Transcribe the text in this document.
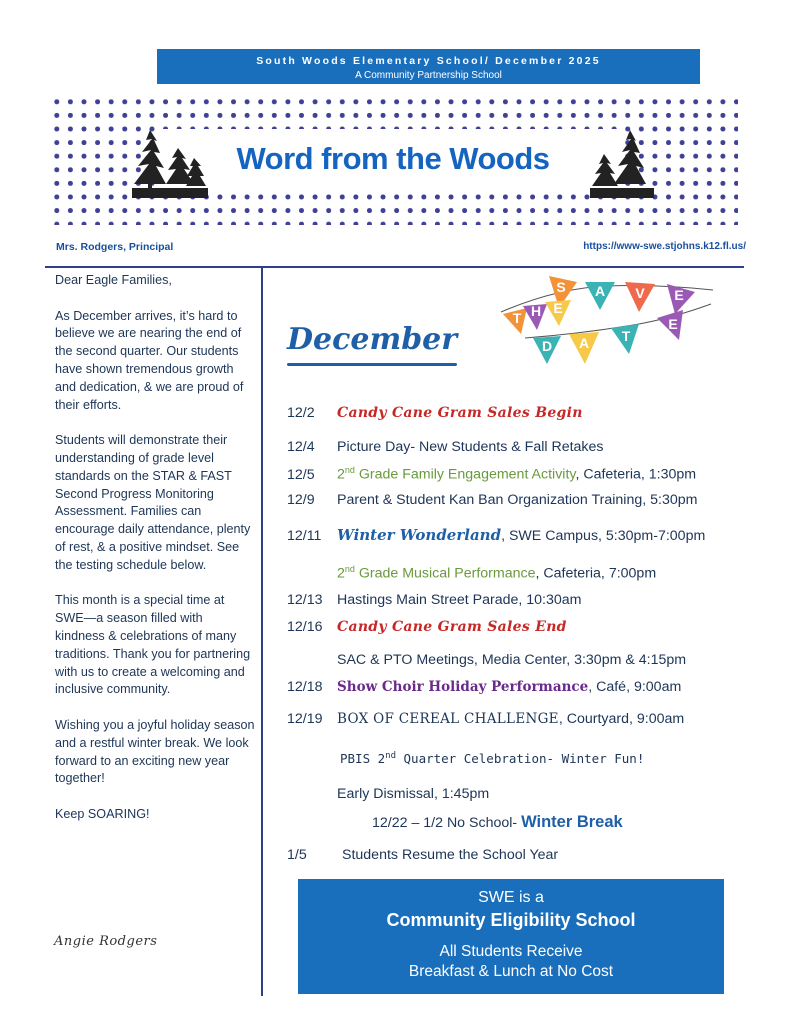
South Woods Elementary School/ December 2025
A Community Partnership School
Word from the Woods
Mrs. Rodgers, Principal	https://www-swe.stjohns.k12.fl.us/

Dear Eagle Families,

As December arrives, it’s hard to believe we are nearing the end of the second quarter. Our students have shown tremendous growth and dedication, & we are proud of their efforts.

Students will demonstrate their understanding of grade level standards on the STAR & FAST Second Progress Monitoring Assessment. Families can encourage daily attendance, plenty of rest, & a positive mindset. See the testing schedule below.

This month is a special time at SWE—a season filled with kindness & celebrations of many traditions. Thank you for partnering with us to create a welcoming and inclusive community.

Wishing you a joyful holiday season and a restful winter break. We look forward to an exciting new year together!

Keep SOARING!

Angie Rodgers
December
S A V E
T H E
D A T
E
12/2 Candy Cane Gram Sales Begin
12/4 Picture Day- New Students & Fall Retakes
12/5 2nd Grade Family Engagement Activity, Cafeteria, 1:30pm
12/9 Parent & Student Kan Ban Organization Training, 5:30pm
12/11 Winter Wonderland, SWE Campus, 5:30pm-7:00pm
2nd Grade Musical Performance, Cafeteria, 7:00pm
12/13 Hastings Main Street Parade, 10:30am
12/16 Candy Cane Gram Sales End
SAC & PTO Meetings, Media Center, 3:30pm & 4:15pm
12/18 Show Choir Holiday Performance, Café, 9:00am
12/19 BOX OF CEREAL CHALLENGE, Courtyard, 9:00am
PBIS 2nd Quarter Celebration- Winter Fun!
Early Dismissal, 1:45pm
12/22 – 1/2 No School- Winter Break
1/5 Students Resume the School Year
SWE is a
Community Eligibility School
All Students Receive
Breakfast & Lunch at No Cost
